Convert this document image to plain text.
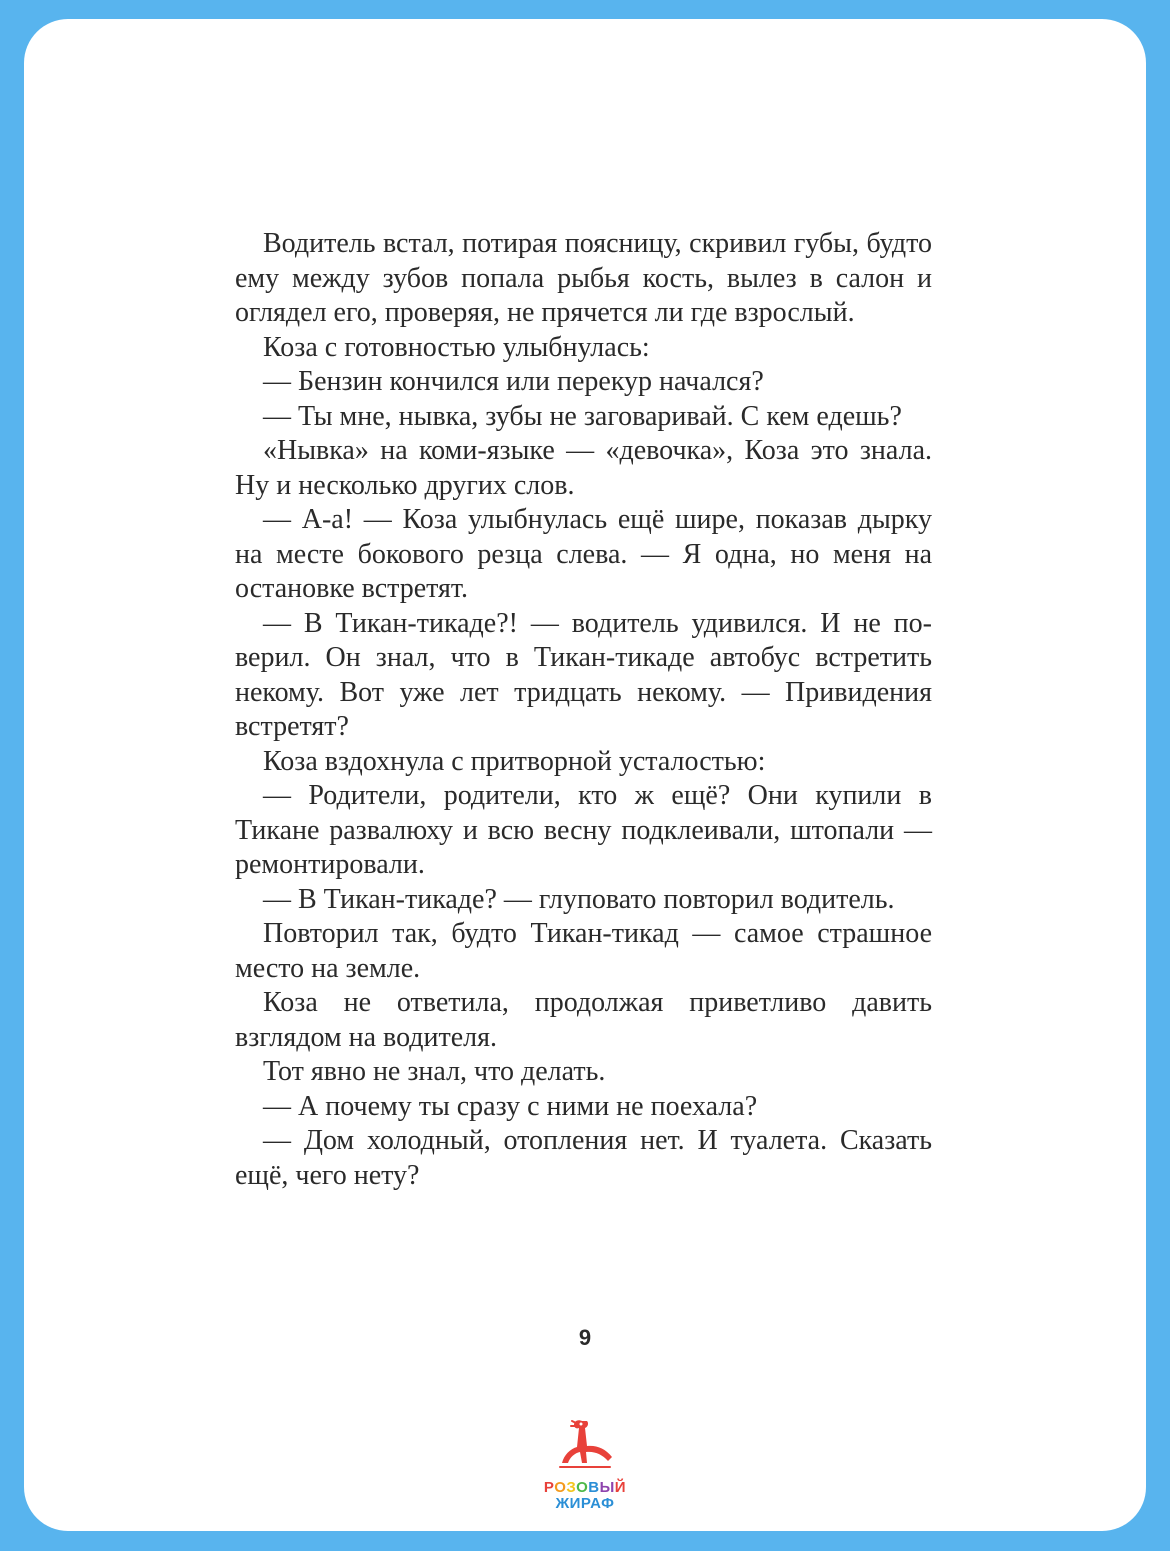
Водитель встал, потирая поясницу, скривил губы, будто ему между зубов попала рыбья кость, вылез в салон и оглядел его, проверяя, не прячется ли где взрослый.

Коза с готовностью улыбнулась:

— Бензин кончился или перекур начался?

— Ты мне, нывка, зубы не заговаривай. С кем едешь?

«Нывка» на коми-языке — «девочка», Коза это знала. Ну и несколько других слов.

— А-а! — Коза улыбнулась ещё шире, показав дырку на месте бокового резца слева. — Я одна, но меня на остановке встретят.

— В Тикан-тикаде?! — водитель удивился. И не поверил. Он знал, что в Тикан-тикаде автобус встретить некому. Вот уже лет тридцать некому. — Привидения встретят?

Коза вздохнула с притворной усталостью:

— Родители, родители, кто ж ещё? Они купили в Тикане развалюху и всю весну подклеивали, штопали — ремонтировали.

— В Тикан-тикаде? — глуповато повторил водитель.

Повторил так, будто Тикан-тикад — самое страшное место на земле.

Коза не ответила, продолжая приветливо давить взглядом на водителя.

Тот явно не знал, что делать.

— А почему ты сразу с ними не поехала?

— Дом холодный, отопления нет. И туалета. Сказать ещё, чего нету?

9
РОЗОВЫЙ
ЖИРАФ
